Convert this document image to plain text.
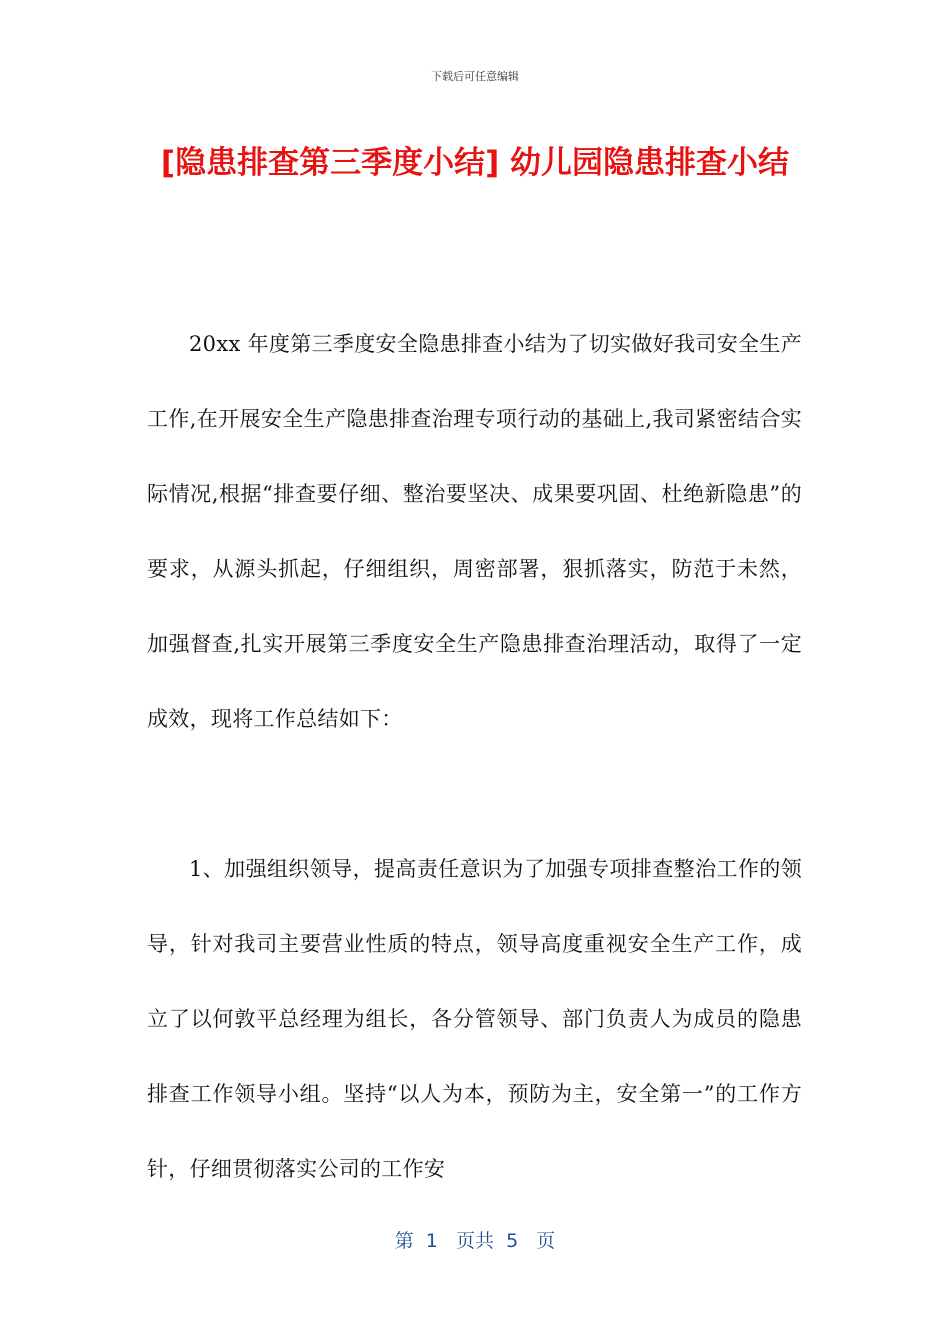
下载后可任意编辑
[隐患排查第三季度小结] 幼儿园隐患排查小结

20xx 年度第三季度安全隐患排查小结为了切实做好我司安全生产工作,在开展安全生产隐患排查治理专项行动的基础上,我司紧密结合实际情况,根据“排查要仔细、整治要坚决、成果要巩固、杜绝新隐患”的要求，从源头抓起，仔细组织，周密部署，狠抓落实，防范于未然，加强督查,扎实开展第三季度安全生产隐患排查治理活动，取得了一定成效，现将工作总结如下：

1、加强组织领导，提高责任意识为了加强专项排查整治工作的领导，针对我司主要营业性质的特点，领导高度重视安全生产工作，成立了以何敦平总经理为组长，各分管领导、部门负责人为成员的隐患排查工作领导小组。坚持“以人为本，预防为主，安全第一”的工作方针，仔细贯彻落实公司的工作安

第  1   页共  5   页
